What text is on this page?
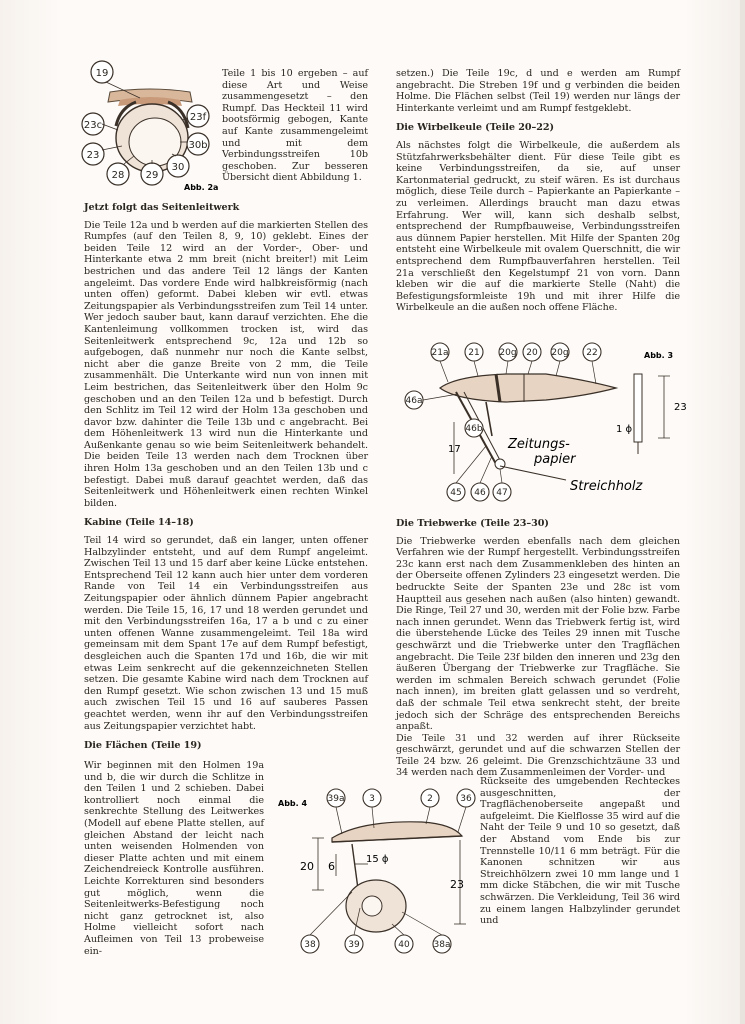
19
23c
23
28 29
30
30b
23f
Abb. 2a

Teile 1 bis 10 ergeben – auf diese Art und Weise zusammengesetzt – den Rumpf. Das Heckteil 11 wird bootsförmig gebogen, Kante auf Kante zusammengeleimt und mit dem Verbindungsstreifen 10b geschoben. Zur besseren Übersicht dient Abbildung 1.

Jetzt folgt das Seitenleitwerk

Die Teile 12a und b werden auf die markierten Stellen des Rumpfes (auf den Teilen 8, 9, 10) geklebt. Eines der beiden Teile 12 wird an der Vorder-, Ober- und Hinterkante etwa 2 mm breit (nicht breiter!) mit Leim bestrichen und das andere Teil 12 längs der Kanten angeleimt. Das vordere Ende wird halbkreisförmig (nach unten offen) geformt. Dabei kleben wir evtl. etwas Zeitungspapier als Verbindungsstreifen zum Teil 14 unter. Wer jedoch sauber baut, kann darauf verzichten. Ehe die Kantenleimung vollkommen trocken ist, wird das Seitenleitwerk entsprechend 9c, 12a und 12b so aufgebogen, daß nunmehr nur noch die Kante selbst, nicht aber die ganze Breite von 2 mm, die Teile zusammenhält. Die Unterkante wird nun von innen mit Leim bestrichen, das Seitenleitwerk über den Holm 9c geschoben und an den Teilen 12a und b befestigt. Durch den Schlitz im Teil 12 wird der Holm 13a geschoben und davor bzw. dahinter die Teile 13b und c angebracht. Bei dem Höhenleitwerk 13 wird nun die Hinterkante und Außenkante genau so wie beim Seitenleitwerk behandelt. Die beiden Teile 13 werden nach dem Trocknen über ihren Holm 13a geschoben und an den Teilen 13b und c befestigt. Dabei muß darauf geachtet werden, daß das Seitenleitwerk und Höhenleitwerk einen rechten Winkel bilden.

Kabine (Teile 14–18)

Teil 14 wird so gerundet, daß ein langer, unten offener Halbzylinder entsteht, und auf dem Rumpf angeleimt. Zwischen Teil 13 und 15 darf aber keine Lücke entstehen. Entsprechend Teil 12 kann auch hier unter dem vorderen Rande von Teil 14 ein Verbindungsstreifen aus Zeitungspapier oder ähnlich dünnem Papier angebracht werden. Die Teile 15, 16, 17 und 18 werden gerundet und mit den Verbindungsstreifen 16a, 17 a b und c zu einer unten offenen Wanne zusammengeleimt. Teil 18a wird gemeinsam mit dem Spant 17e auf dem Rumpf befestigt, desgleichen auch die Spanten 17d und 16b, die wir mit etwas Leim senkrecht auf die gekennzeichneten Stellen setzen. Die gesamte Kabine wird nach dem Trocknen auf den Rumpf gesetzt. Wie schon zwischen 13 und 15 muß auch zwischen Teil 15 und 16 auf sauberes Passen geachtet werden, wenn ihr auf den Verbindungsstreifen aus Zeitungspapier verzichtet habt.

Die Flächen (Teile 19)

Wir beginnen mit den Holmen 19a und b, die wir durch die Schlitze in den Teilen 1 und 2 schieben. Dabei kontrolliert noch einmal die senkrechte Stellung des Leitwerkes (Modell auf ebene Platte stellen, auf gleichen Abstand der leicht nach unten weisenden Holmenden von dieser Platte achten und mit einem Zeichendreieck Kontrolle ausführen. Leichte Korrekturen sind besonders gut möglich, wenn die Seitenleitwerks-Befestigung noch nicht ganz getrocknet ist, also Holme vielleicht sofort nach Aufleimen von Teil 13 probeweise ein-

setzen.) Die Teile 19c, d und e werden am Rumpf angebracht. Die Streben 19f und g verbinden die beiden Holme. Die Flächen selbst (Teil 19) werden nur längs der Hinterkante verleimt und am Rumpf festgeklebt.

Die Wirbelkeule (Teile 20–22)

Als nächstes folgt die Wirbelkeule, die außerdem als Stützfahrwerksbehälter dient. Für diese Teile gibt es keine Verbindungsstreifen, da sie, auf unser Kartonmaterial gedruckt, zu steif wären. Es ist durchaus möglich, diese Teile durch – Papierkante an Papierkante – zu verleimen. Allerdings braucht man dazu etwas Erfahrung. Wer will, kann sich deshalb selbst, entsprechend der Rumpfbauweise, Verbindungsstreifen aus dünnem Papier herstellen. Mit Hilfe der Spanten 20g entsteht eine Wirbelkeule mit ovalem Querschnitt, die wir entsprechend dem Rumpfbauverfahren herstellen. Teil 21a verschließt den Kegelstumpf 21 von vorn. Dann kleben wir die auf die markierte Stelle (Naht) die Befestigungsformleiste 19h und mit ihrer Hilfe die Wirbelkeule an die außen noch offene Fläche.

21a 21 20g 20 20g 22
46a
46b
45 46 47
17
23
1 ϕ
Zeitungs-
papier
Streichholz
Abb. 3
Die Triebwerke (Teile 23–30)

Die Triebwerke werden ebenfalls nach dem gleichen Verfahren wie der Rumpf hergestellt. Verbindungsstreifen 23c kann erst nach dem Zusammenkleben des hinten an der Oberseite offenen Zylinders 23 eingesetzt werden. Die bedruckte Seite der Spanten 23e und 28c ist vom Hauptteil aus gesehen nach außen (also hinten) gewandt. Die Ringe, Teil 27 und 30, werden mit der Folie bzw. Farbe nach innen gerundet. Wenn das Triebwerk fertig ist, wird die überstehende Lücke des Teiles 29 innen mit Tusche geschwärzt und die Triebwerke unter den Tragflächen angebracht. Die Teile 23f bilden den inneren und 23g den äußeren Übergang der Triebwerke zur Tragfläche. Sie werden im schmalen Bereich schwach gerundet (Folie nach innen), im breiten glatt gelassen und so verdreht, daß der schmale Teil etwa senkrecht steht, der breite jedoch sich der Schräge des entsprechenden Bereichs anpaßt.

Die Teile 31 und 32 werden auf ihrer Rückseite geschwärzt, gerundet und auf die schwarzen Stellen der Teile 24 bzw. 26 geleimt. Die Grenzschichtzäune 33 und 34 werden nach dem Zusammenleimen der Vorder- und

Rückseite des umgebenden Rechteckes ausgeschnitten, der Tragflächenoberseite angepaßt und aufgeleimt. Die Kielflosse 35 wird auf die Naht der Teile 9 und 10 so gesetzt, daß der Abstand vom Ende bis zur Trennstelle 10/11 6 mm beträgt. Für die Kanonen schnitzen wir aus Streichhölzern zwei 10 mm lange und 1 mm dicke Stäbchen, die wir mit Tusche schwärzen. Die Verkleidung, Teil 36 wird zu einem langen Halbzylinder gerundet und

39a	3	2	36
38	39	40	38a
20 6
15 ϕ
23
Abb. 4
